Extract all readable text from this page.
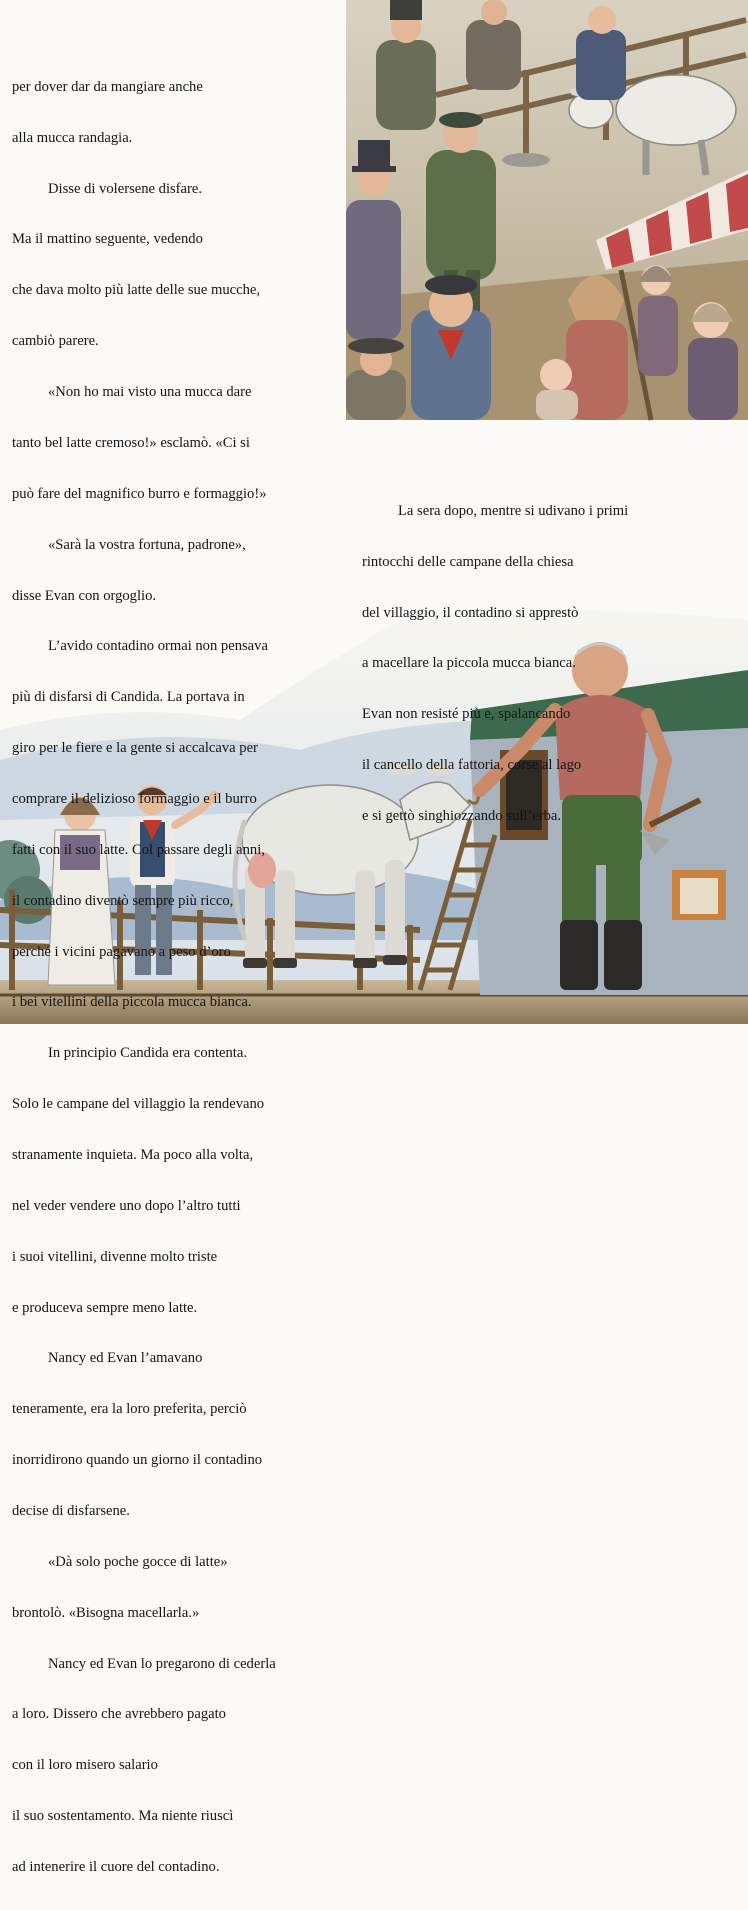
per dover dar da mangiare anche

alla mucca randagia.

Disse di volersene disfare.

Ma il mattino seguente, vedendo

che dava molto più latte delle sue mucche,

cambiò parere.

«Non ho mai visto una mucca dare

tanto bel latte cremoso!» esclamò. «Ci si

può fare del magnifico burro e formaggio!»

«Sarà la vostra fortuna, padrone»,

disse Evan con orgoglio.

L’avido contadino ormai non pensava

più di disfarsi di Candida. La portava in

giro per le fiere e la gente si accalcava per

comprare il delizioso formaggio e il burro

fatti con il suo latte. Col passare degli anni,

il contadino diventò sempre più ricco,

perché i vicini pagavano a peso d’oro

i bei vitellini della piccola mucca bianca.

In principio Candida era contenta.

Solo le campane del villaggio la rendevano

stranamente inquieta. Ma poco alla volta,

nel veder vendere uno dopo l’altro tutti

i suoi vitellini, divenne molto triste

e produceva sempre meno latte.

Nancy ed Evan l’amavano

teneramente, era la loro preferita, perciò

inorridirono quando un giorno il contadino

decise di disfarsene.

«Dà solo poche gocce di latte»

brontolò. «Bisogna macellarla.»

Nancy ed Evan lo pregarono di cederla

a loro. Dissero che avrebbero pagato

con il loro misero salario

il suo sostentamento. Ma niente riuscì

ad intenerire il cuore del contadino.

La sera dopo, mentre si udivano i primi

rintocchi delle campane della chiesa

del villaggio, il contadino si apprestò

a macellare la piccola mucca bianca.

Evan non resisté più e, spalancando

il cancello della fattoria, corse al lago

e si gettò singhiozzando sull’erba.
